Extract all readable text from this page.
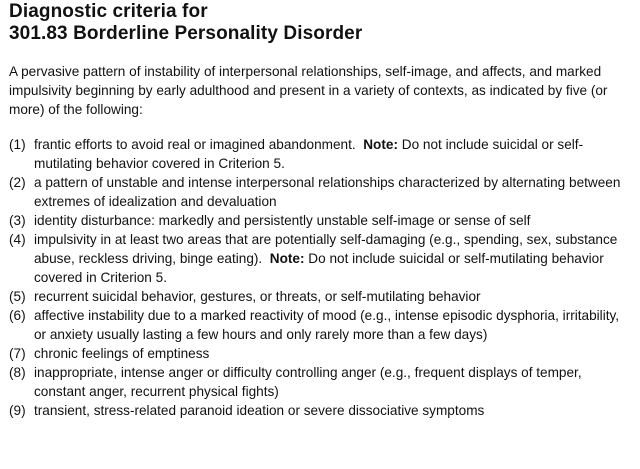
Diagnostic criteria for
301.83 Borderline Personality Disorder

A pervasive pattern of instability of interpersonal relationships, self-image, and affects, and marked impulsivity beginning by early adulthood and present in a variety of contexts, as indicated by five (or more) of the following:

(1) frantic efforts to avoid real or imagined abandonment. Note: Do not include suicidal or self-mutilating behavior covered in Criterion 5.
(2) a pattern of unstable and intense interpersonal relationships characterized by alternating between extremes of idealization and devaluation
(3) identity disturbance: markedly and persistently unstable self-image or sense of self
(4) impulsivity in at least two areas that are potentially self-damaging (e.g., spending, sex, substance abuse, reckless driving, binge eating). Note: Do not include suicidal or self-mutilating behavior covered in Criterion 5.
(5) recurrent suicidal behavior, gestures, or threats, or self-mutilating behavior
(6) affective instability due to a marked reactivity of mood (e.g., intense episodic dysphoria, irritability, or anxiety usually lasting a few hours and only rarely more than a few days)
(7) chronic feelings of emptiness
(8) inappropriate, intense anger or difficulty controlling anger (e.g., frequent displays of temper, constant anger, recurrent physical fights)
(9) transient, stress-related paranoid ideation or severe dissociative symptoms
